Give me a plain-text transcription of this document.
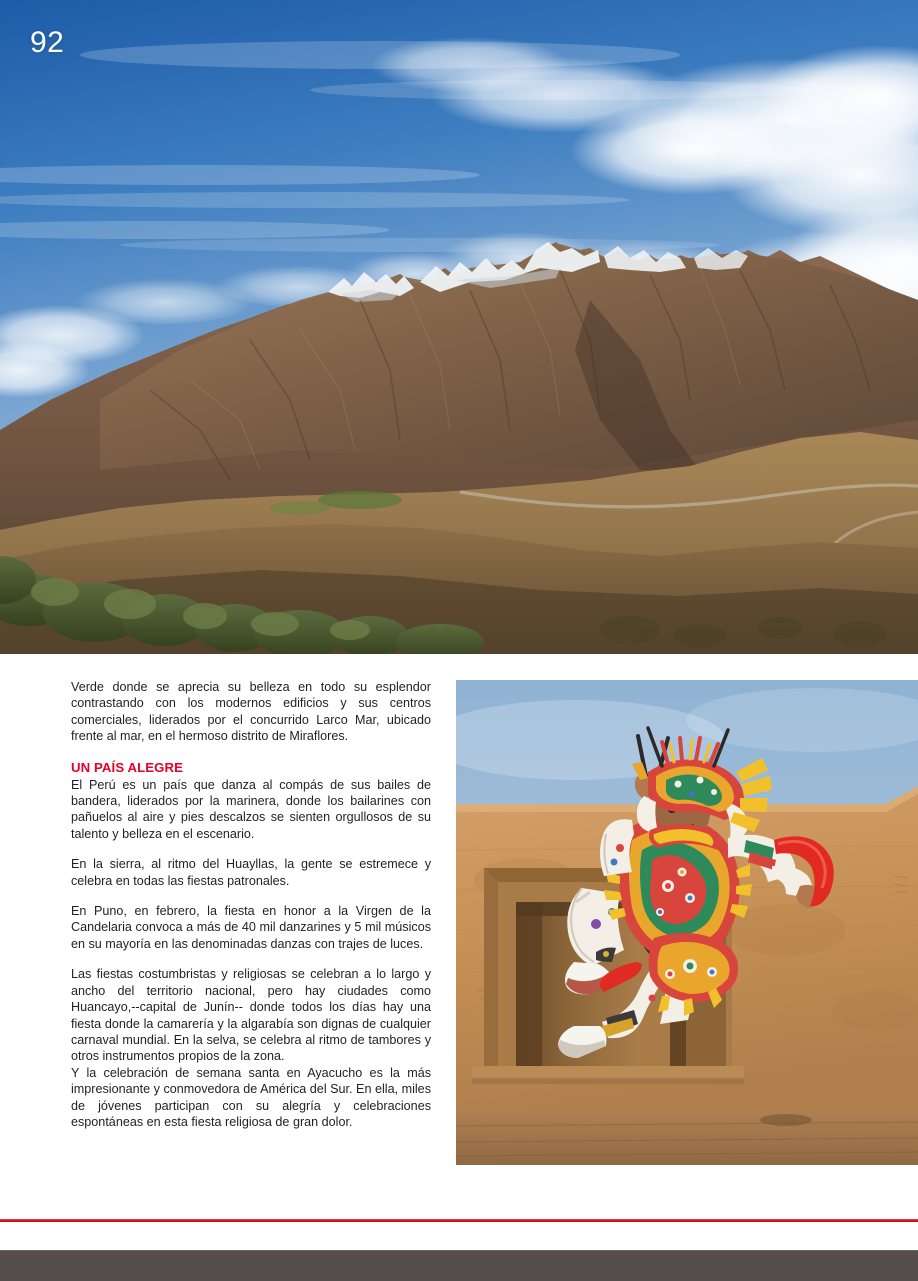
92

Verde donde se aprecia su belleza en todo su esplendor contrastando con los modernos edificios y sus centros comerciales, liderados por el concurrido Larco Mar, ubicado frente al mar, en el hermoso distrito de Miraflores.

UN PAÍS ALEGRE

El Perú es un país que danza al compás de sus bailes de bandera, liderados por la marinera, donde los bailarines con pañuelos al aire y pies descalzos se sienten orgullosos de su talento y belleza en el escenario.

En la sierra, al ritmo del Huayllas, la gente se estremece y celebra en todas las fiestas patronales.

En Puno, en febrero, la fiesta en honor a la Virgen de la Candelaria convoca a más de 40 mil danzarines y 5 mil músicos en su mayoría en las denominadas danzas con trajes de luces.

Las fiestas costumbristas y religiosas se celebran a lo largo y ancho del territorio nacional, pero hay ciudades como Huancayo,--capital de Junín-- donde todos los días hay una fiesta donde la camarería y la algarabía son dignas de cualquier carnaval mundial. En la selva, se celebra al ritmo de tambores y otros instrumentos propios de la zona.

Y la celebración de semana santa en Ayacucho es la más impresionante y conmovedora de América del Sur. En ella, miles de jóvenes participan con su alegría y celebraciones espontáneas en esta fiesta religiosa de gran dolor.
